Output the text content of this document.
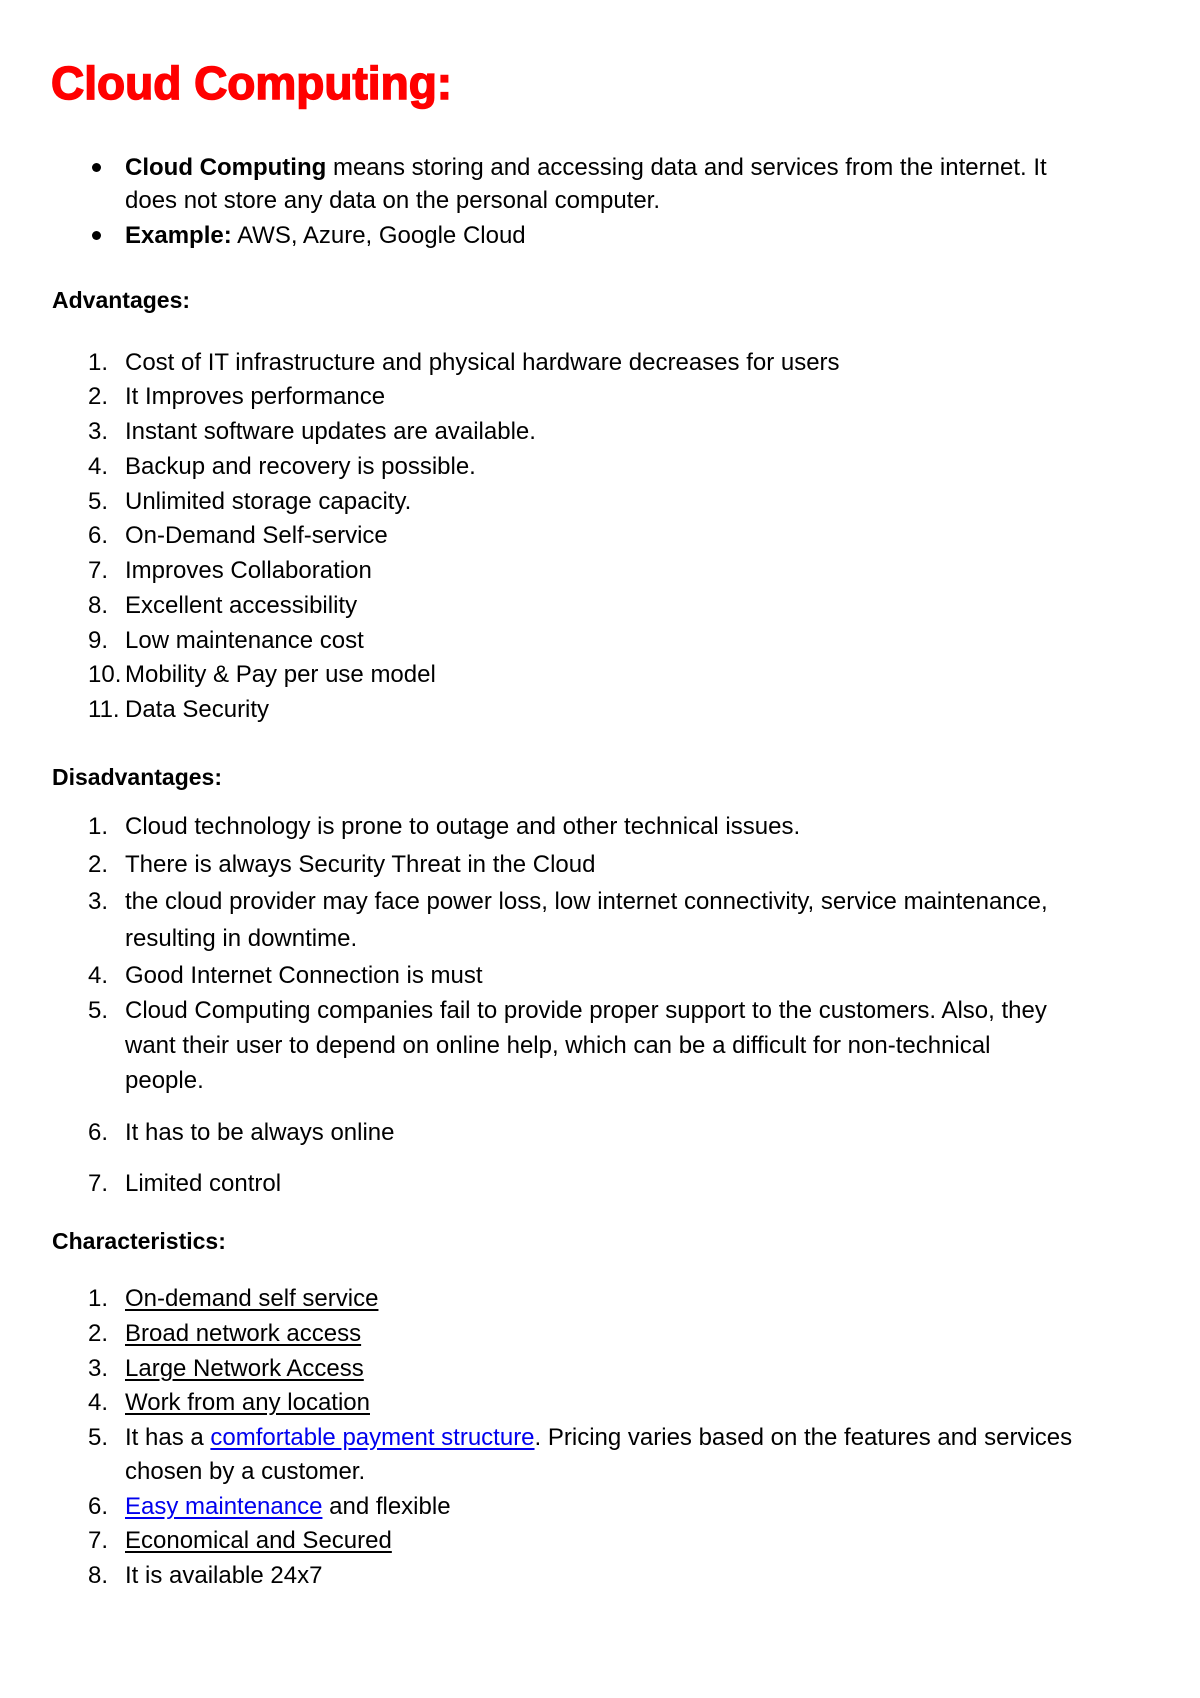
Cloud Computing:
Cloud Computing means storing and accessing data and services from the internet. It
does not store any data on the personal computer.
Example: AWS, Azure, Google Cloud
Advantages:
1. Cost of IT infrastructure and physical hardware decreases for users
2. It Improves performance
3. Instant software updates are available.
4. Backup and recovery is possible.
5. Unlimited storage capacity.
6. On-Demand Self-service
7. Improves Collaboration
8. Excellent accessibility
9. Low maintenance cost
10. Mobility & Pay per use model
11. Data Security
Disadvantages:
1. Cloud technology is prone to outage and other technical issues.
2. There is always Security Threat in the Cloud
3. the cloud provider may face power loss, low internet connectivity, service maintenance,
resulting in downtime.
4. Good Internet Connection is must
5. Cloud Computing companies fail to provide proper support to the customers. Also, they
want their user to depend on online help, which can be a difficult for non-technical
people.
6. It has to be always online
7. Limited control
Characteristics:
1. On-demand self service
2. Broad network access
3. Large Network Access
4. Work from any location
5. It has a comfortable payment structure. Pricing varies based on the features and services
chosen by a customer.
6. Easy maintenance and flexible
7. Economical and Secured
8. It is available 24x7
